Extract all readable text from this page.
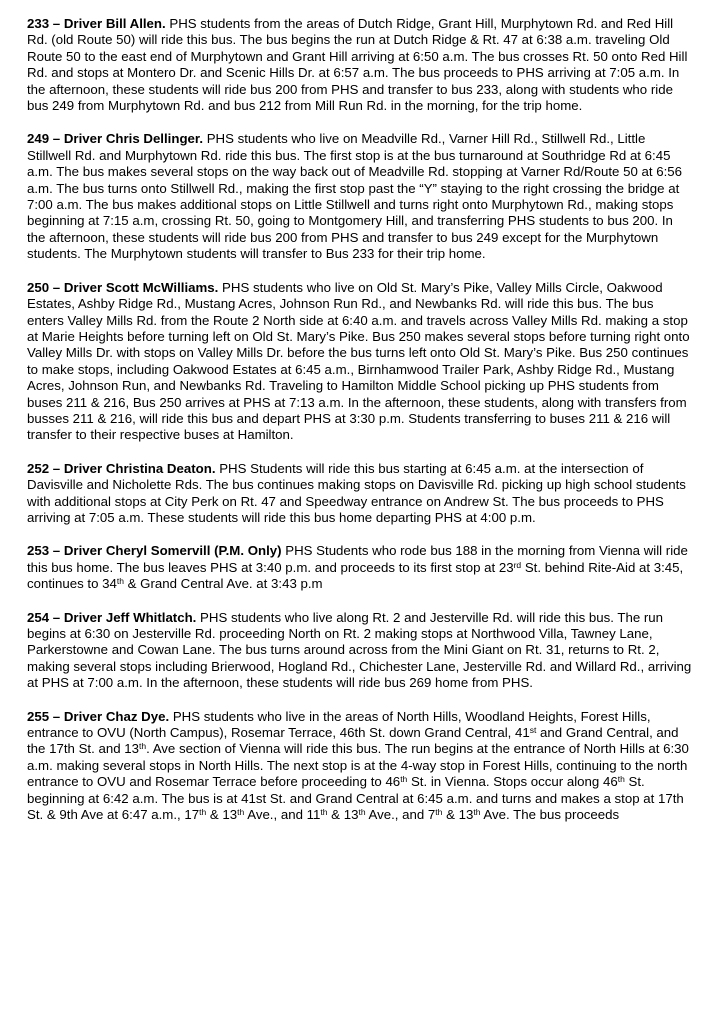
233 – Driver Bill Allen. PHS students from the areas of Dutch Ridge, Grant Hill, Murphytown Rd. and Red Hill Rd. (old Route 50) will ride this bus. The bus begins the run at Dutch Ridge & Rt. 47 at 6:38 a.m. traveling Old Route 50 to the east end of Murphytown and Grant Hill arriving at 6:50 a.m. The bus crosses Rt. 50 onto Red Hill Rd. and stops at Montero Dr. and Scenic Hills Dr. at 6:57 a.m. The bus proceeds to PHS arriving at 7:05 a.m. In the afternoon, these students will ride bus 200 from PHS and transfer to bus 233, along with students who ride bus 249 from Murphytown Rd. and bus 212 from Mill Run Rd. in the morning, for the trip home.

249 – Driver Chris Dellinger. PHS students who live on Meadville Rd., Varner Hill Rd., Stillwell Rd., Little Stillwell Rd. and Murphytown Rd. ride this bus. The first stop is at the bus turnaround at Southridge Rd at 6:45 a.m. The bus makes several stops on the way back out of Meadville Rd. stopping at Varner Rd/Route 50 at 6:56 a.m. The bus turns onto Stillwell Rd., making the first stop past the “Y” staying to the right crossing the bridge at 7:00 a.m. The bus makes additional stops on Little Stillwell and turns right onto Murphytown Rd., making stops beginning at 7:15 a.m, crossing Rt. 50, going to Montgomery Hill, and transferring PHS students to bus 200. In the afternoon, these students will ride bus 200 from PHS and transfer to bus 249 except for the Murphytown students. The Murphytown students will transfer to Bus 233 for their trip home.

250 – Driver Scott McWilliams. PHS students who live on Old St. Mary’s Pike, Valley Mills Circle, Oakwood Estates, Ashby Ridge Rd., Mustang Acres, Johnson Run Rd., and Newbanks Rd. will ride this bus. The bus enters Valley Mills Rd. from the Route 2 North side at 6:40 a.m. and travels across Valley Mills Rd. making a stop at Marie Heights before turning left on Old St. Mary’s Pike. Bus 250 makes several stops before turning right onto Valley Mills Dr. with stops on Valley Mills Dr. before the bus turns left onto Old St. Mary’s Pike. Bus 250 continues to make stops, including Oakwood Estates at 6:45 a.m., Birnhamwood Trailer Park, Ashby Ridge Rd., Mustang Acres, Johnson Run, and Newbanks Rd. Traveling to Hamilton Middle School picking up PHS students from buses 211 & 216, Bus 250 arrives at PHS at 7:13 a.m. In the afternoon, these students, along with transfers from busses 211 & 216, will ride this bus and depart PHS at 3:30 p.m. Students transferring to buses 211 & 216 will transfer to their respective buses at Hamilton.

252 – Driver Christina Deaton. PHS Students will ride this bus starting at 6:45 a.m. at the intersection of Davisville and Nicholette Rds. The bus continues making stops on Davisville Rd. picking up high school students with additional stops at City Perk on Rt. 47 and Speedway entrance on Andrew St. The bus proceeds to PHS arriving at 7:05 a.m. These students will ride this bus home departing PHS at 4:00 p.m.

253 – Driver Cheryl Somervill (P.M. Only) PHS Students who rode bus 188 in the morning from Vienna will ride this bus home. The bus leaves PHS at 3:40 p.m. and proceeds to its first stop at 23rd St. behind Rite-Aid at 3:45, continues to 34th & Grand Central Ave. at 3:43 p.m

254 – Driver Jeff Whitlatch. PHS students who live along Rt. 2 and Jesterville Rd. will ride this bus. The run begins at 6:30 on Jesterville Rd. proceeding North on Rt. 2 making stops at Northwood Villa, Tawney Lane, Parkerstowne and Cowan Lane. The bus turns around across from the Mini Giant on Rt. 31, returns to Rt. 2, making several stops including Brierwood, Hogland Rd., Chichester Lane, Jesterville Rd. and Willard Rd., arriving at PHS at 7:00 a.m. In the afternoon, these students will ride bus 269 home from PHS.

255 – Driver Chaz Dye. PHS students who live in the areas of North Hills, Woodland Heights, Forest Hills, entrance to OVU (North Campus), Rosemar Terrace, 46th St. down Grand Central, 41st and Grand Central, and the 17th St. and 13th. Ave section of Vienna will ride this bus. The run begins at the entrance of North Hills at 6:30 a.m. making several stops in North Hills. The next stop is at the 4-way stop in Forest Hills, continuing to the north entrance to OVU and Rosemar Terrace before proceeding to 46th St. in Vienna. Stops occur along 46th St. beginning at 6:42 a.m. The bus is at 41st St. and Grand Central at 6:45 a.m. and turns and makes a stop at 17th St. & 9th Ave at 6:47 a.m., 17th & 13th Ave., and 11th & 13th Ave., and 7th & 13th Ave. The bus proceeds
